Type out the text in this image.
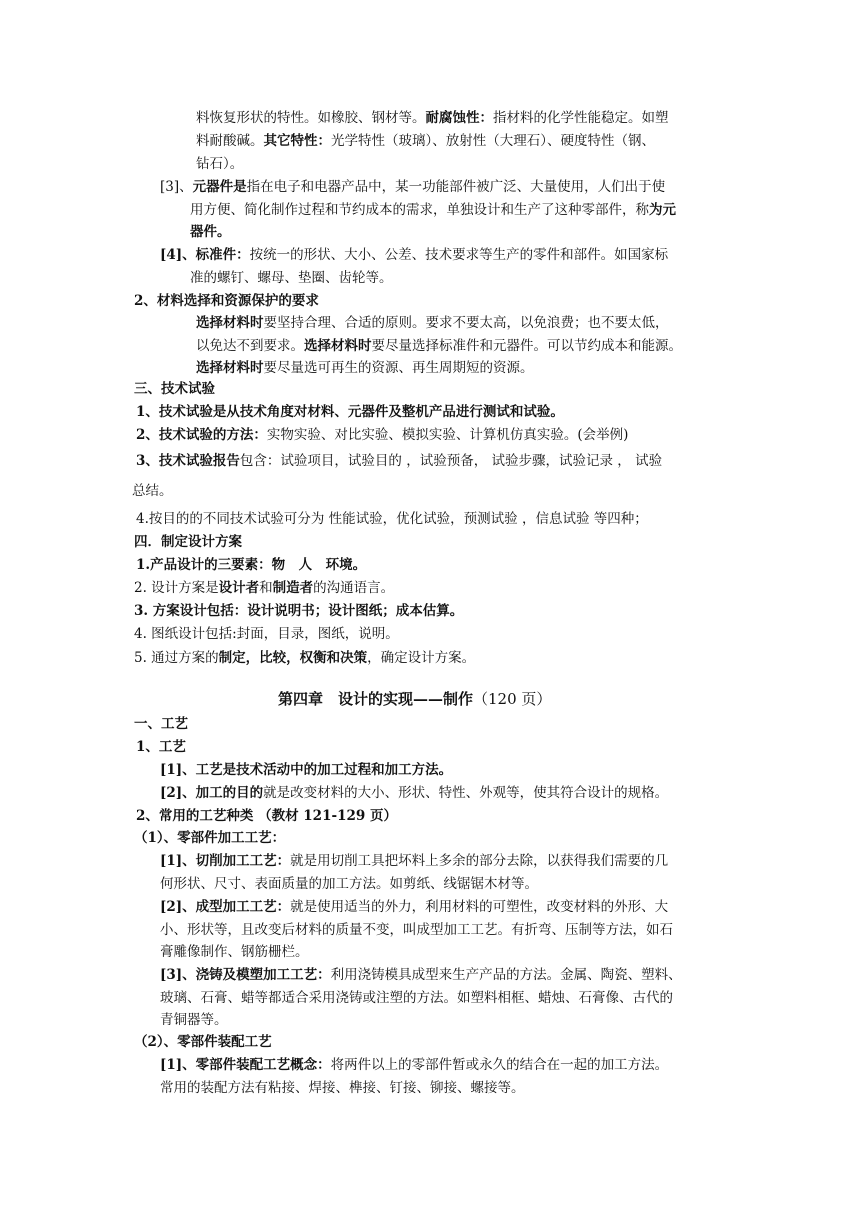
料恢复形状的特性。如橡胶、钢材等。耐腐蚀性：指材料的化学性能稳定。如塑
料耐酸碱。其它特性：光学特性（玻璃）、放射性（大理石）、硬度特性（钢、
钻石）。
[3]、元器件是指在电子和电器产品中，某一功能部件被广泛、大量使用，人们出于使
用方便、简化制作过程和节约成本的需求，单独设计和生产了这种零部件，称为元
器件。
[4]、标准件：按统一的形状、大小、公差、技术要求等生产的零件和部件。如国家标
准的螺钉、螺母、垫圈、齿轮等。
2、材料选择和资源保护的要求
选择材料时要坚持合理、合适的原则。要求不要太高，以免浪费；也不要太低，
以免达不到要求。选择材料时要尽量选择标准件和元器件。可以节约成本和能源。
选择材料时要尽量选可再生的资源、再生周期短的资源。
三、技术试验
1、技术试验是从技术角度对材料、元器件及整机产品进行测试和试验。
2、技术试验的方法：实物实验、对比实验、模拟实验、计算机仿真实验。(会举例)
3、技术试验报告包含：试验项目，试验目的 ，试验预备， 试验步骤，试验记录 ， 试验
总结。
4.按目的的不同技术试验可分为 性能试验，优化试验，预测试验 ，信息试验 等四种；
四．制定设计方案
1.产品设计的三要素：物　人　环境。
2. 设计方案是设计者和制造者的沟通语言。
3. 方案设计包括：设计说明书；设计图纸；成本估算。
4. 图纸设计包括:封面，目录，图纸，说明。
5. 通过方案的制定，比较，权衡和决策，确定设计方案。
第四章　设计的实现——制作（120 页）
一、工艺
1、工艺
[1]、工艺是技术活动中的加工过程和加工方法。
[2]、加工的目的就是改变材料的大小、形状、特性、外观等，使其符合设计的规格。
2、常用的工艺种类 （教材 121-129 页）
（1）、零部件加工工艺：
[1]、切削加工工艺：就是用切削工具把坏料上多余的部分去除，以获得我们需要的几
何形状、尺寸、表面质量的加工方法。如剪纸、线锯锯木材等。
[2]、成型加工工艺：就是使用适当的外力，利用材料的可塑性，改变材料的外形、大
小、形状等，且改变后材料的质量不变，叫成型加工工艺。有折弯、压制等方法，如石
膏雕像制作、钢筋栅栏。
[3]、浇铸及模塑加工工艺：利用浇铸模具成型来生产产品的方法。金属、陶瓷、塑料、
玻璃、石膏、蜡等都适合采用浇铸或注塑的方法。如塑料相框、蜡烛、石膏像、古代的
青铜器等。
（2）、零部件装配工艺
[1]、零部件装配工艺概念：将两件以上的零部件暂或永久的结合在一起的加工方法。
常用的装配方法有粘接、焊接、榫接、钉接、铆接、螺接等。
